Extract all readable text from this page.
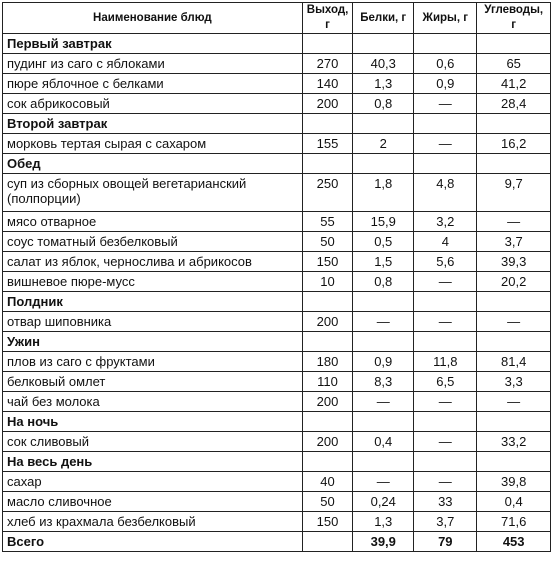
Наименование блюд	Выход, г	Белки, г	Жиры, г	Углеводы, г
Первый завтрак				
пудинг из саго с яблоками	270	40,3	0,6	65
пюре яблочное с белками	140	1,3	0,9	41,2
сок абрикосовый	200	0,8	—	28,4
Второй завтрак				
морковь тертая сырая с сахаром	155	2	—	16,2
Обед				
суп из сборных овощей вегетарианский (полпорции)	250	1,8	4,8	9,7
мясо отварное	55	15,9	3,2	—
соус томатный безбелковый	50	0,5	4	3,7
салат из яблок, чернослива и абрикосов	150	1,5	5,6	39,3
вишневое пюре-мусс	10	0,8	—	20,2
Полдник				
отвар шиповника	200	—	—	—
Ужин				
плов из саго с фруктами	180	0,9	11,8	81,4
белковый омлет	110	8,3	6,5	3,3
чай без молока	200	—	—	—
На ночь				
сок сливовый	200	0,4	—	33,2
На весь день				
сахар	40	—	—	39,8
масло сливочное	50	0,24	33	0,4
хлеб из крахмала безбелковый	150	1,3	3,7	71,6
Всего		39,9	79	453
